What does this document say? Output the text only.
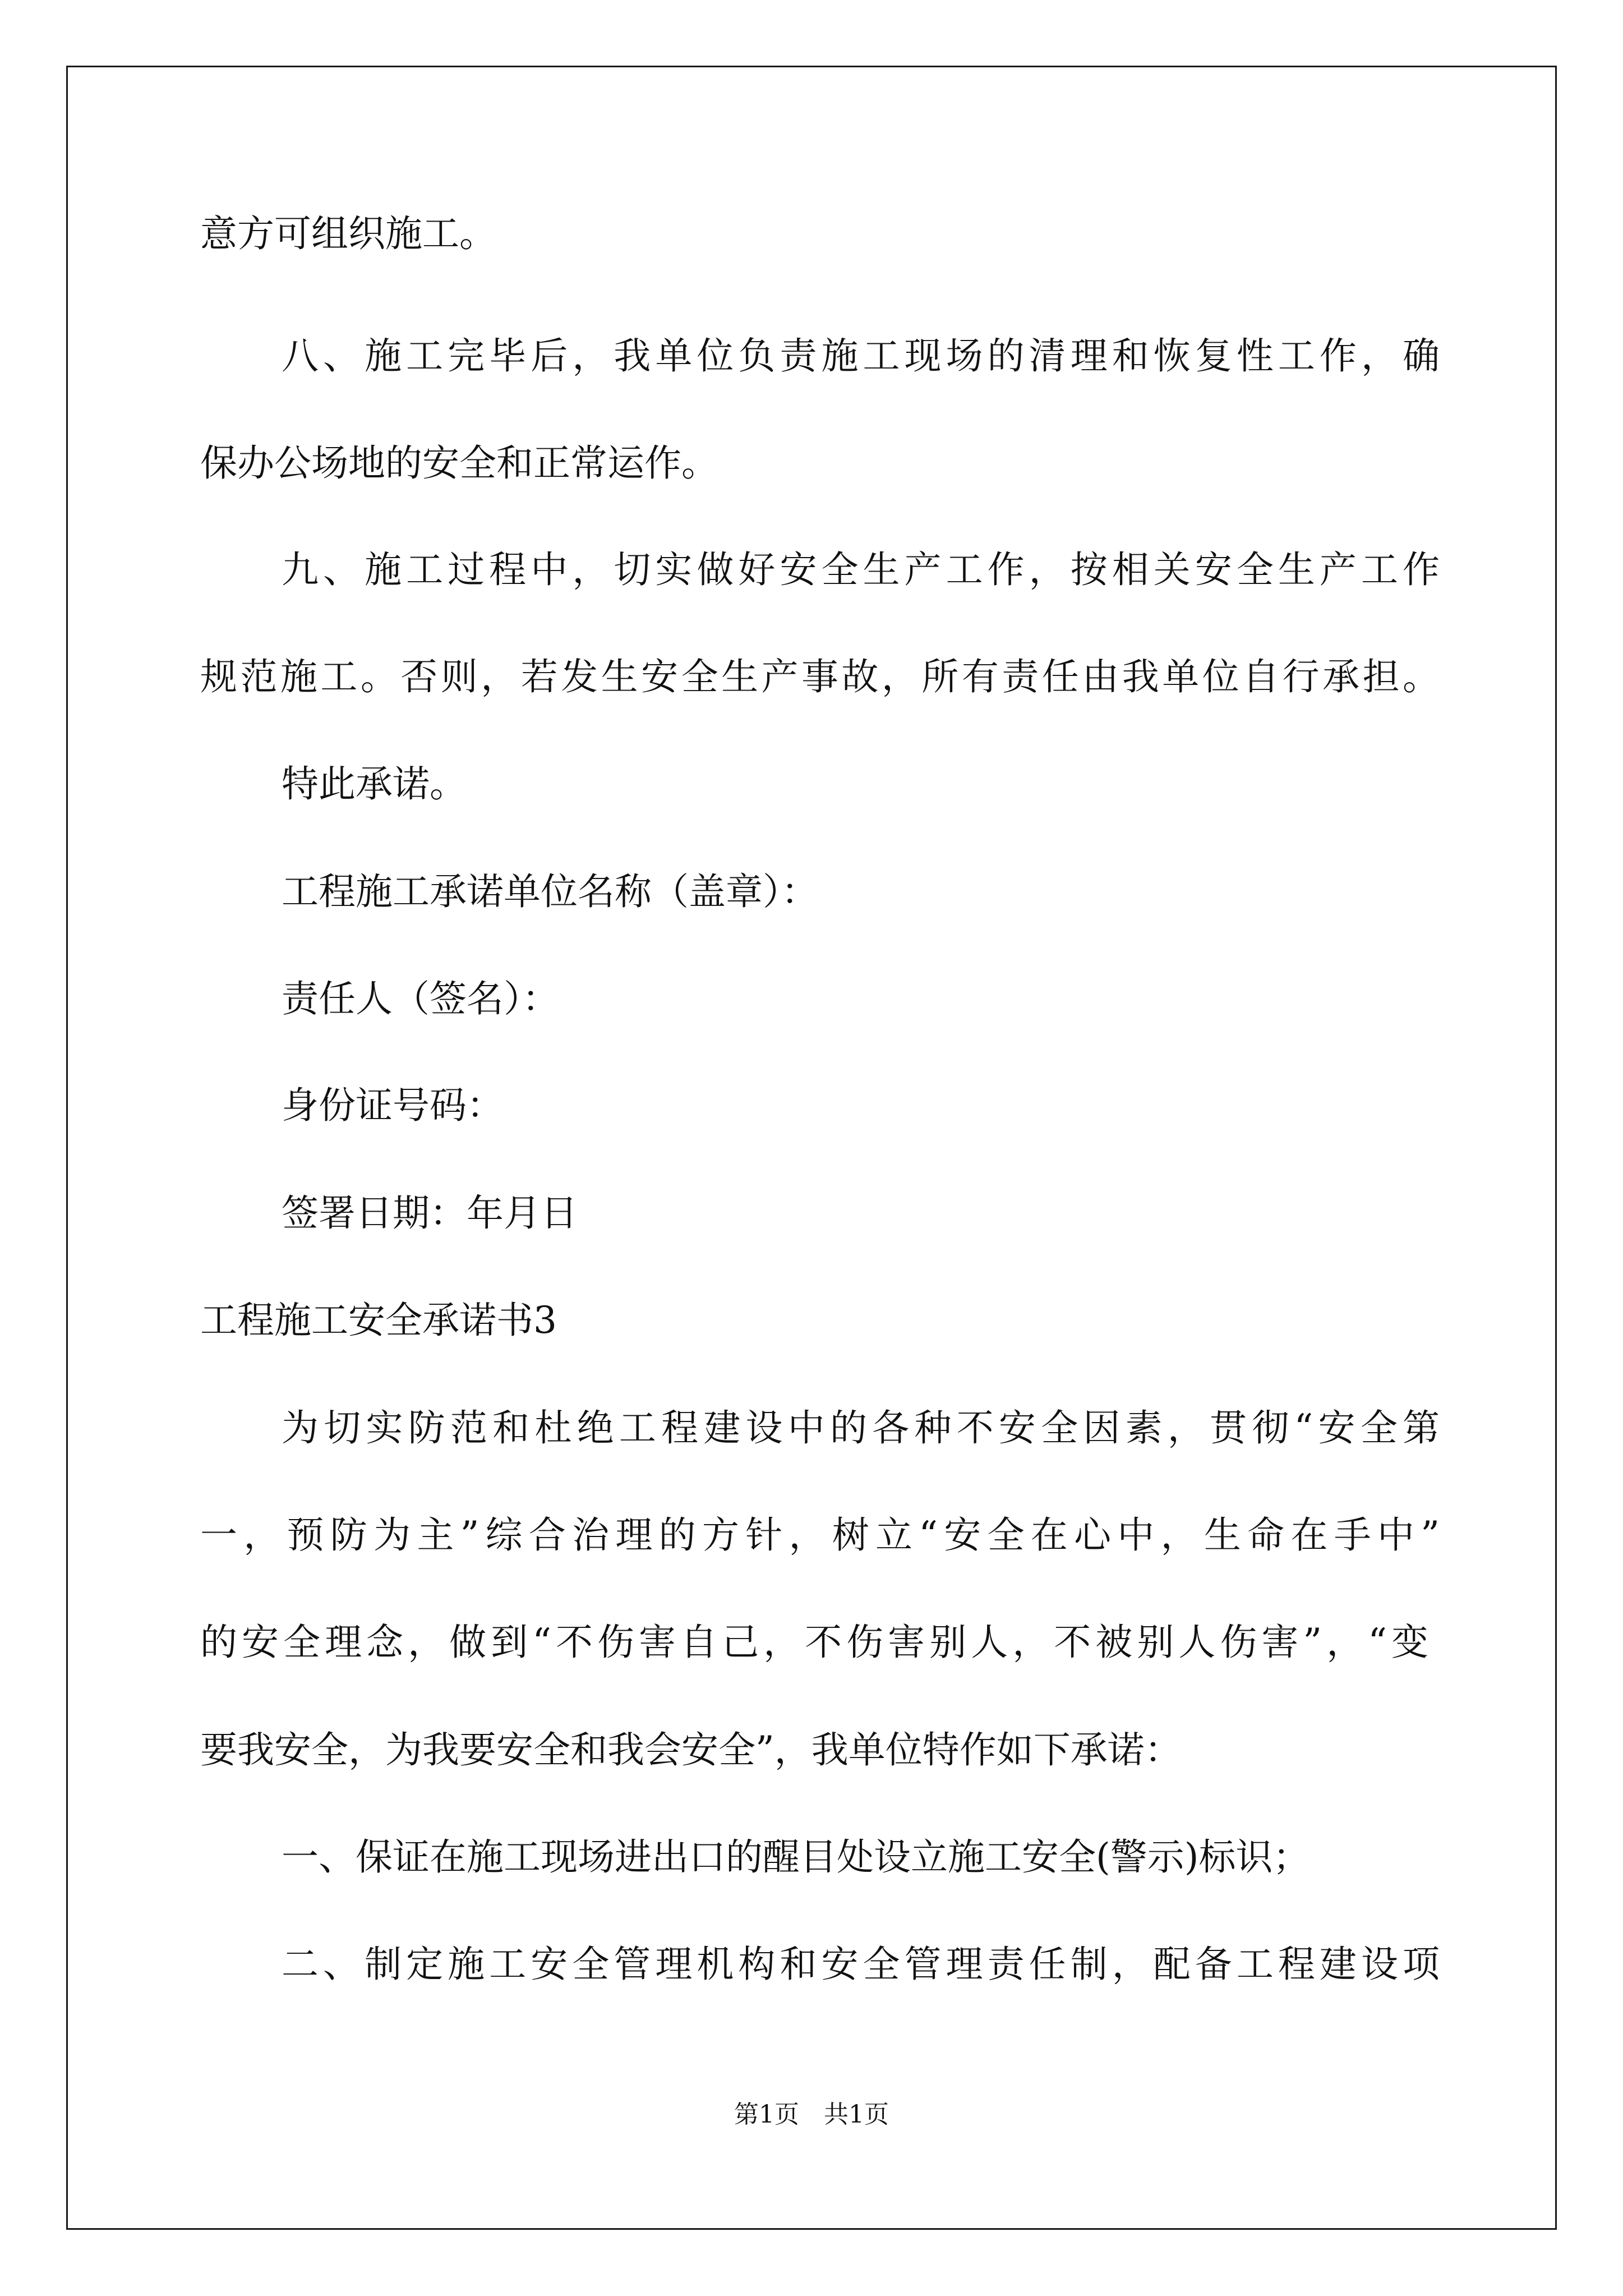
意方可组织施工。

八、施工完毕后，我单位负责施工现场的清理和恢复性工作，确

保办公场地的安全和正常运作。

九、施工过程中，切实做好安全生产工作，按相关安全生产工作

规范施工。否则，若发生安全生产事故，所有责任由我单位自行承担。

特此承诺。

工程施工承诺单位名称（盖章）：

责任人（签名）：

身份证号码：

签署日期：年月日

工程施工安全承诺书3

为切实防范和杜绝工程建设中的各种不安全因素，贯彻“安全第

一，预防为主”综合治理的方针，树立“安全在心中，生命在手中”

的安全理念，做到“不伤害自己，不伤害别人，不被别人伤害”，“变

要我安全，为我要安全和我会安全”，我单位特作如下承诺：

一、保证在施工现场进出口的醒目处设立施工安全(警示)标识；

二、制定施工安全管理机构和安全管理责任制，配备工程建设项

第1页　共1页
